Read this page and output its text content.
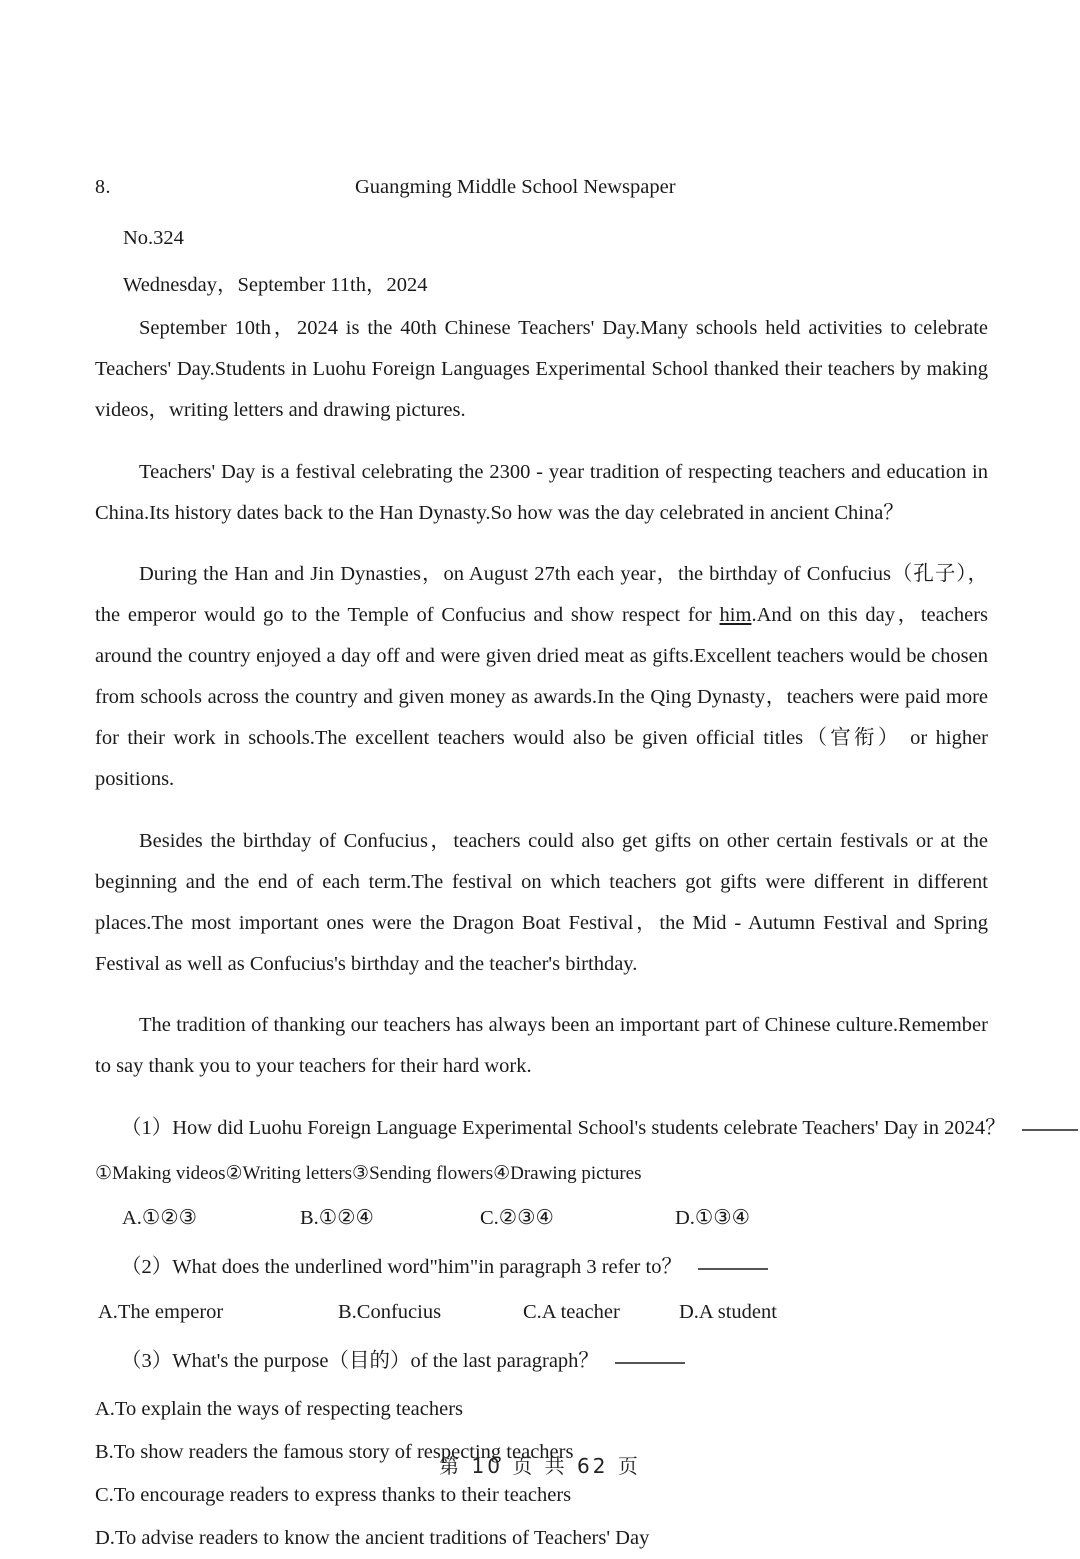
8.	Guangming Middle School Newspaper
No.324
Wednesday，September 11th，2024

September 10th，2024 is the 40th Chinese Teachers' Day.Many schools held activities to celebrate Teachers' Day.Students in Luohu Foreign Languages Experimental School thanked their teachers by making videos，writing letters and drawing pictures.

Teachers' Day is a festival celebrating the 2300 - year tradition of respecting teachers and education in China.Its history dates back to the Han Dynasty.So how was the day celebrated in ancient China？

During the Han and Jin Dynasties，on August 27th each year，the birthday of Confucius（孔子），the emperor would go to the Temple of Confucius and show respect for him.And on this day，teachers around the country enjoyed a day off and were given dried meat as gifts.Excellent teachers would be chosen from schools across the country and given money as awards.In the Qing Dynasty，teachers were paid more for their work in schools.The excellent teachers would also be given official titles（官衔） or higher positions.

Besides the birthday of Confucius，teachers could also get gifts on other certain festivals or at the beginning and the end of each term.The festival on which teachers got gifts were different in different places.The most important ones were the Dragon Boat Festival，the Mid - Autumn Festival and Spring Festival as well as Confucius's birthday and the teacher's birthday.

The tradition of thanking our teachers has always been an important part of Chinese culture.Remember to say thank you to your teachers for their hard work.

（1）How did Luohu Foreign Language Experimental School's students celebrate Teachers' Day in 2024？
①Making videos②Writing letters③Sending flowers④Drawing pictures
A.①②③	B.①②④	C.②③④	D.①③④
（2）What does the underlined word"him"in paragraph 3 refer to？
A.The emperor	B.Confucius	C.A teacher	D.A student
（3）What's the purpose（目的）of the last paragraph？
A.To explain the ways of respecting teachers
B.To show readers the famous story of respecting teachers
C.To encourage readers to express thanks to their teachers
D.To advise readers to know the ancient traditions of Teachers' Day
第 10 页 共 62 页
